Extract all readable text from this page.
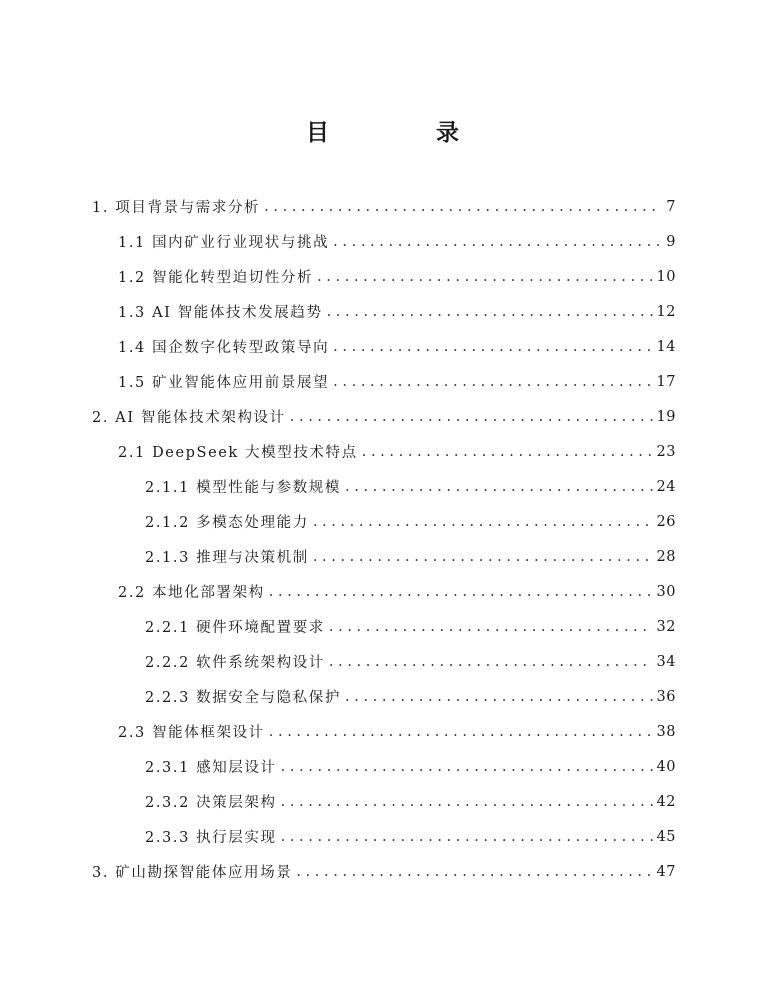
目　录
1. 项目背景与需求分析 . . .	7
1.1 国内矿业行业现状与挑战 . . .	9
1.2 智能化转型迫切性分析 . . .	10
1.3 AI 智能体技术发展趋势 . . .	12
1.4 国企数字化转型政策导向 . . .	14
1.5 矿业智能体应用前景展望 . . .	17
2. AI 智能体技术架构设计 . . .	19
2.1 DeepSeek 大模型技术特点 . . .	23
2.1.1 模型性能与参数规模 . . .	24
2.1.2 多模态处理能力 . . .	26
2.1.3 推理与决策机制 . . .	28
2.2 本地化部署架构 . . .	30
2.2.1 硬件环境配置要求 . . .	32
2.2.2 软件系统架构设计 . . .	34
2.2.3 数据安全与隐私保护 . . .	36
2.3 智能体框架设计 . . .	38
2.3.1 感知层设计 . . .	40
2.3.2 决策层架构 . . .	42
2.3.3 执行层实现 . . .	45
3. 矿山勘探智能体应用场景 . . .	47
